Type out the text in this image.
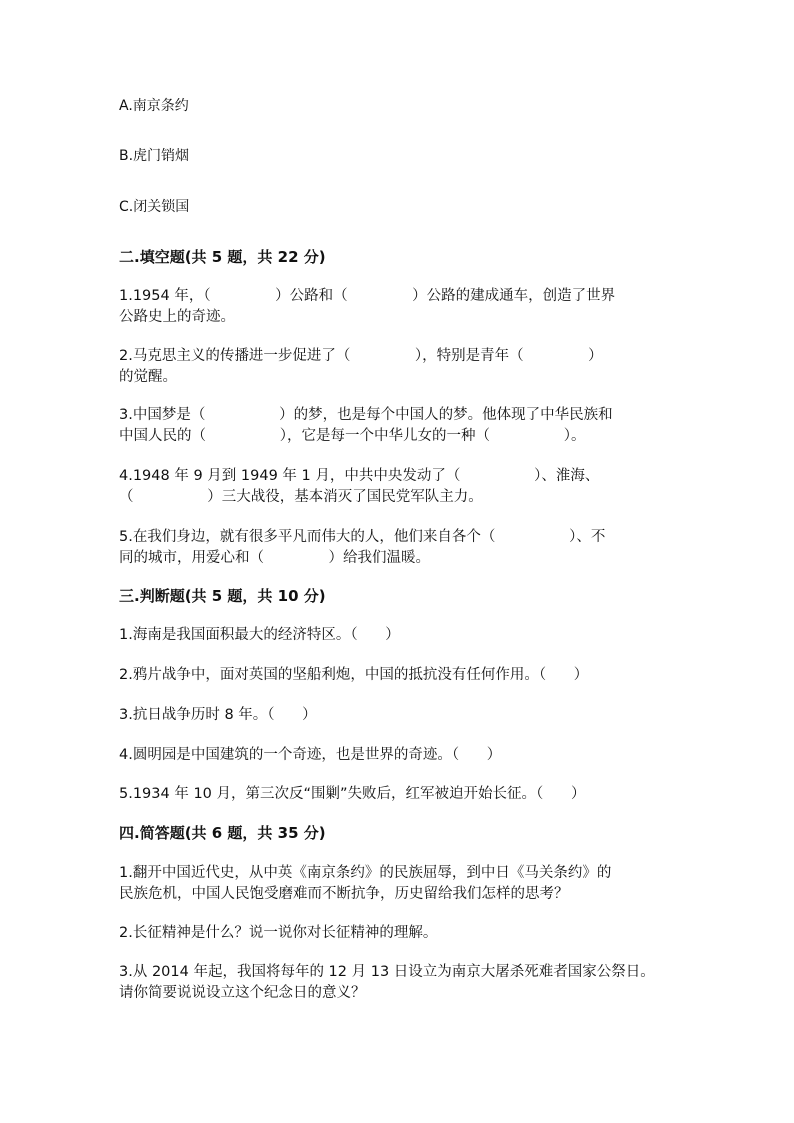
A.南京条约
B.虎门销烟
C.闭关锁国
二.填空题(共 5 题，共 22 分)
1.1954 年，（              ）公路和（              ）公路的建成通车，创造了世界
公路史上的奇迹。
2.马克思主义的传播进一步促进了（              ），特别是青年（              ）
的觉醒。
3.中国梦是（                ）的梦，也是每个中国人的梦。他体现了中华民族和
中国人民的（                ），它是每一个中华儿女的一种（                ）。
4.1948 年 9 月到 1949 年 1 月，中共中央发动了（                ）、淮海、
（                ）三大战役，基本消灭了国民党军队主力。
5.在我们身边，就有很多平凡而伟大的人，他们来自各个（                ）、不
同的城市，用爱心和（              ）给我们温暖。
三.判断题(共 5 题，共 10 分)
1.海南是我国面积最大的经济特区。（      ）
2.鸦片战争中，面对英国的坚船利炮，中国的抵抗没有任何作用。（      ）
3.抗日战争历时 8 年。（      ）
4.圆明园是中国建筑的一个奇迹，也是世界的奇迹。（      ）
5.1934 年 10 月，第三次反“围剿”失败后，红军被迫开始长征。（      ）
四.简答题(共 6 题，共 35 分)
1.翻开中国近代史，从中英《南京条约》的民族屈辱，到中日《马关条约》的
民族危机，中国人民饱受磨难而不断抗争，历史留给我们怎样的思考？
2.长征精神是什么？说一说你对长征精神的理解。
3.从 2014 年起，我国将每年的 12 月 13 日设立为南京大屠杀死难者国家公祭日。
请你简要说说设立这个纪念日的意义？
